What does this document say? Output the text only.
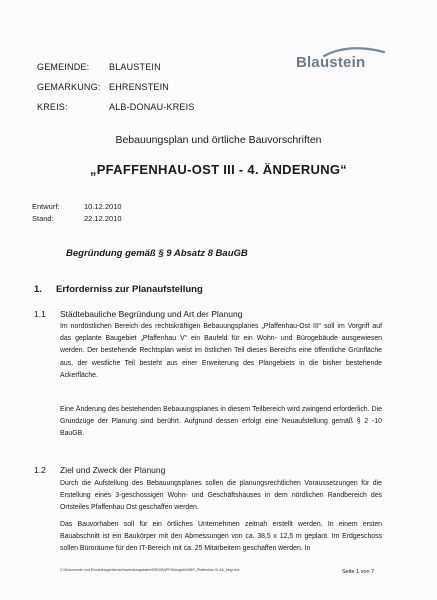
GEMEINDE: BLAUSTEIN
GEMARKUNG: EHRENSTEIN
KREIS:	ALB-DONAU-KREIS
Blaustein
Bebauungsplan und örtliche Bauvorschriften
„PFAFFENHAU-OST III - 4. ÄNDERUNG“
Entwurf:	10.12.2010
Stand:	22.12.2010
Begründung gemäß § 9 Absatz 8 BauGB
1. Erforderniss zur Planaufstellung
1.1 Städtebauliche Begründung und Art der Planung
Im nordöstlichen Bereich des rechtskräftigen Bebauungsplanes „Pfaffenhau-Ost III“ soll im Vorgriff auf das geplante Baugebiet „Pfaffenhau V“ ein Baufeld für ein Wohn- und Bürogebäude ausgewiesen werden. Der bestehende Rechtsplan weist im östlichen Teil dieses Bereichs eine öffentliche Grünfläche aus, der westliche Teil besteht aus einer Erweiterung des Plangebiets in die bisher bestehende Ackerfläche.
Eine Änderung des bestehenden Bebauungsplanes in diesem Teilbereich wird zwingend erforderlich. Die Grundzüge der Planung sind berührt. Aufgrund dessen erfolgt eine Neuaufstellung gemäß § 2 -10 BauGB.
1.2 Ziel und Zweck der Planung
Durch die Aufstellung des Bebauungsplanes sollen die planungsrechtlichen Voraussetzungen für die Erstellung eines 3-geschossigen Wohn- und Geschäftshauses in dem nördlichen Randbereich des Ortsteiles Pfaffenhau Ost geschaffen werden.
Das Bauvorhaben soll für ein örtliches Unternehmen zeitnah erstellt werden. In einem ersten Bauabschnitt ist ein Baukörper mit den Abmessungen von ca. 38,5 x 12,5 m geplant. Im Erdgeschoss sollen Büroräume für den IT-Bereich mit ca. 25 Mitarbeitern geschaffen werden. In
C:\Dokumente und Einstellungen\kmarAnwendungsdaten\REG\BAPF\Bürogeb04\BP_Pfaffenhau III-4A_begr.doc	Seite 1 von 7
